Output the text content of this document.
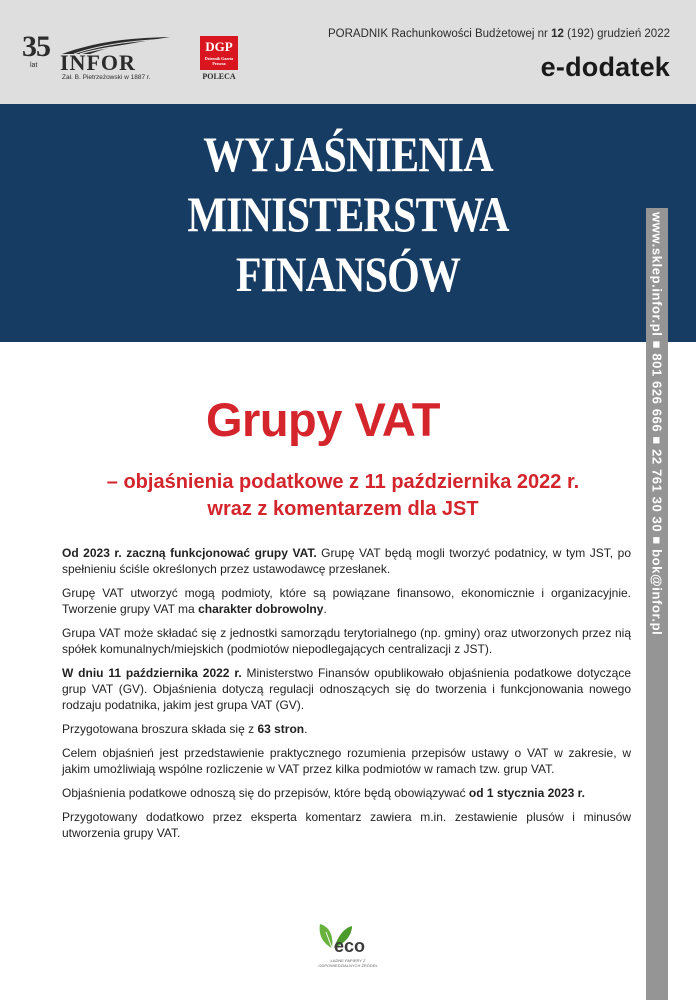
35
lat INFOR
Zał. B. Pietrzeżowski w 1887 r.
DGP
Dziennik Gazeta Prawna
POLECA
PORADNIK Rachunkowości Budżetowej nr 12 (192) grudzień 2022
e-dodatek
WYJAŚNIENIA
MINISTERSTWA
FINANSÓW	www.sklep.infor.pl ■ 801 626 666 ■ 22 761 30 30 ■ bok@infor.pl
Grupy VAT
– objaśnienia podatkowe z 11 października 2022 r.
wraz z komentarzem dla JST

Od 2023 r. zaczną funkcjonować grupy VAT. Grupę VAT będą mogli tworzyć podatnicy, w tym JST, po spełnieniu ściśle określonych przez ustawodawcę przesłanek.

Grupę VAT utworzyć mogą podmioty, które są powiązane finansowo, ekonomicznie i organizacyjnie. Tworzenie grupy VAT ma charakter dobrowolny.

Grupa VAT może składać się z jednostki samorządu terytorialnego (np. gminy) oraz utworzonych przez nią spółek komunalnych/miejskich (podmiotów niepodlegających centralizacji z JST).

W dniu 11 października 2022 r. Ministerstwo Finansów opublikowało objaśnienia podatkowe dotyczące grup VAT (GV). Objaśnienia dotyczą regulacji odnoszących się do tworzenia i funkcjonowania nowego rodzaju podatnika, jakim jest grupa VAT (GV).

Przygotowana broszura składa się z 63 stron.

Celem objaśnień jest przedstawienie praktycznego rozumienia przepisów ustawy o VAT w zakresie, w jakim umożliwiają wspólne rozliczenie w VAT przez kilka podmiotów w ramach tzw. grup VAT.

Objaśnienia podatkowe odnoszą się do przepisów, które będą obowiązywać od 1 stycznia 2023 r.

Przygotowany dodatkowo przez eksperta komentarz zawiera m.in. zestawienie plusów i minusów utworzenia grupy VAT.

eco
ŁADNE PAPIERY Z ODPOWIEDZIALNYCH ŹRÓDEŁ
